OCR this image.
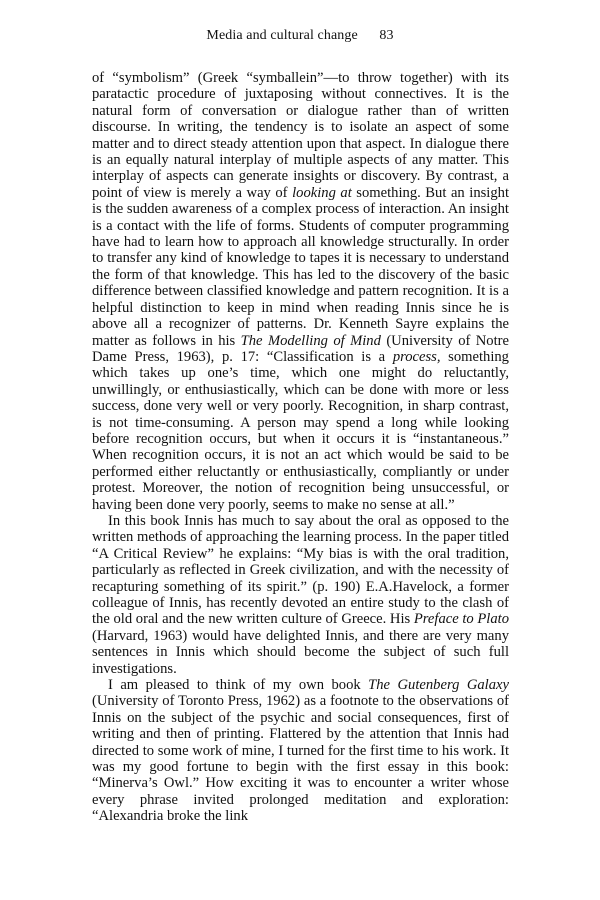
Media and cultural change 83

of “symbolism” (Greek “symballein”—to throw together) with its paratactic procedure of juxtaposing without connectives. It is the natural form of conversation or dialogue rather than of written discourse. In writing, the tendency is to isolate an aspect of some matter and to direct steady attention upon that aspect. In dialogue there is an equally natural interplay of multiple aspects of any matter. This interplay of aspects can generate insights or discovery. By contrast, a point of view is merely a way of looking at something. But an insight is the sudden awareness of a complex process of interaction. An insight is a contact with the life of forms. Students of computer programming have had to learn how to approach all knowledge structurally. In order to transfer any kind of knowledge to tapes it is necessary to understand the form of that knowledge. This has led to the discovery of the basic difference between classified knowledge and pattern recognition. It is a helpful distinction to keep in mind when reading Innis since he is above all a recognizer of patterns. Dr. Kenneth Sayre explains the matter as follows in his The Modelling of Mind (University of Notre Dame Press, 1963), p. 17: “Classification is a process, something which takes up one’s time, which one might do reluctantly, unwillingly, or enthusiastically, which can be done with more or less success, done very well or very poorly. Recognition, in sharp contrast, is not time-consuming. A person may spend a long while looking before recognition occurs, but when it occurs it is “instantaneous.” When recognition occurs, it is not an act which would be said to be performed either reluctantly or enthusiastically, compliantly or under protest. Moreover, the notion of recognition being unsuccessful, or having been done very poorly, seems to make no sense at all.”

In this book Innis has much to say about the oral as opposed to the written methods of approaching the learning process. In the paper titled “A Critical Review” he explains: “My bias is with the oral tradition, particularly as reflected in Greek civilization, and with the necessity of recapturing something of its spirit.” (p. 190) E.A.Havelock, a former colleague of Innis, has recently devoted an entire study to the clash of the old oral and the new written culture of Greece. His Preface to Plato (Harvard, 1963) would have delighted Innis, and there are very many sentences in Innis which should become the subject of such full investigations.

I am pleased to think of my own book The Gutenberg Galaxy (University of Toronto Press, 1962) as a footnote to the observations of Innis on the subject of the psychic and social consequences, first of writing and then of printing. Flattered by the attention that Innis had directed to some work of mine, I turned for the first time to his work. It was my good fortune to begin with the first essay in this book: “Minerva’s Owl.” How exciting it was to encounter a writer whose every phrase invited prolonged meditation and exploration: “Alexandria broke the link
